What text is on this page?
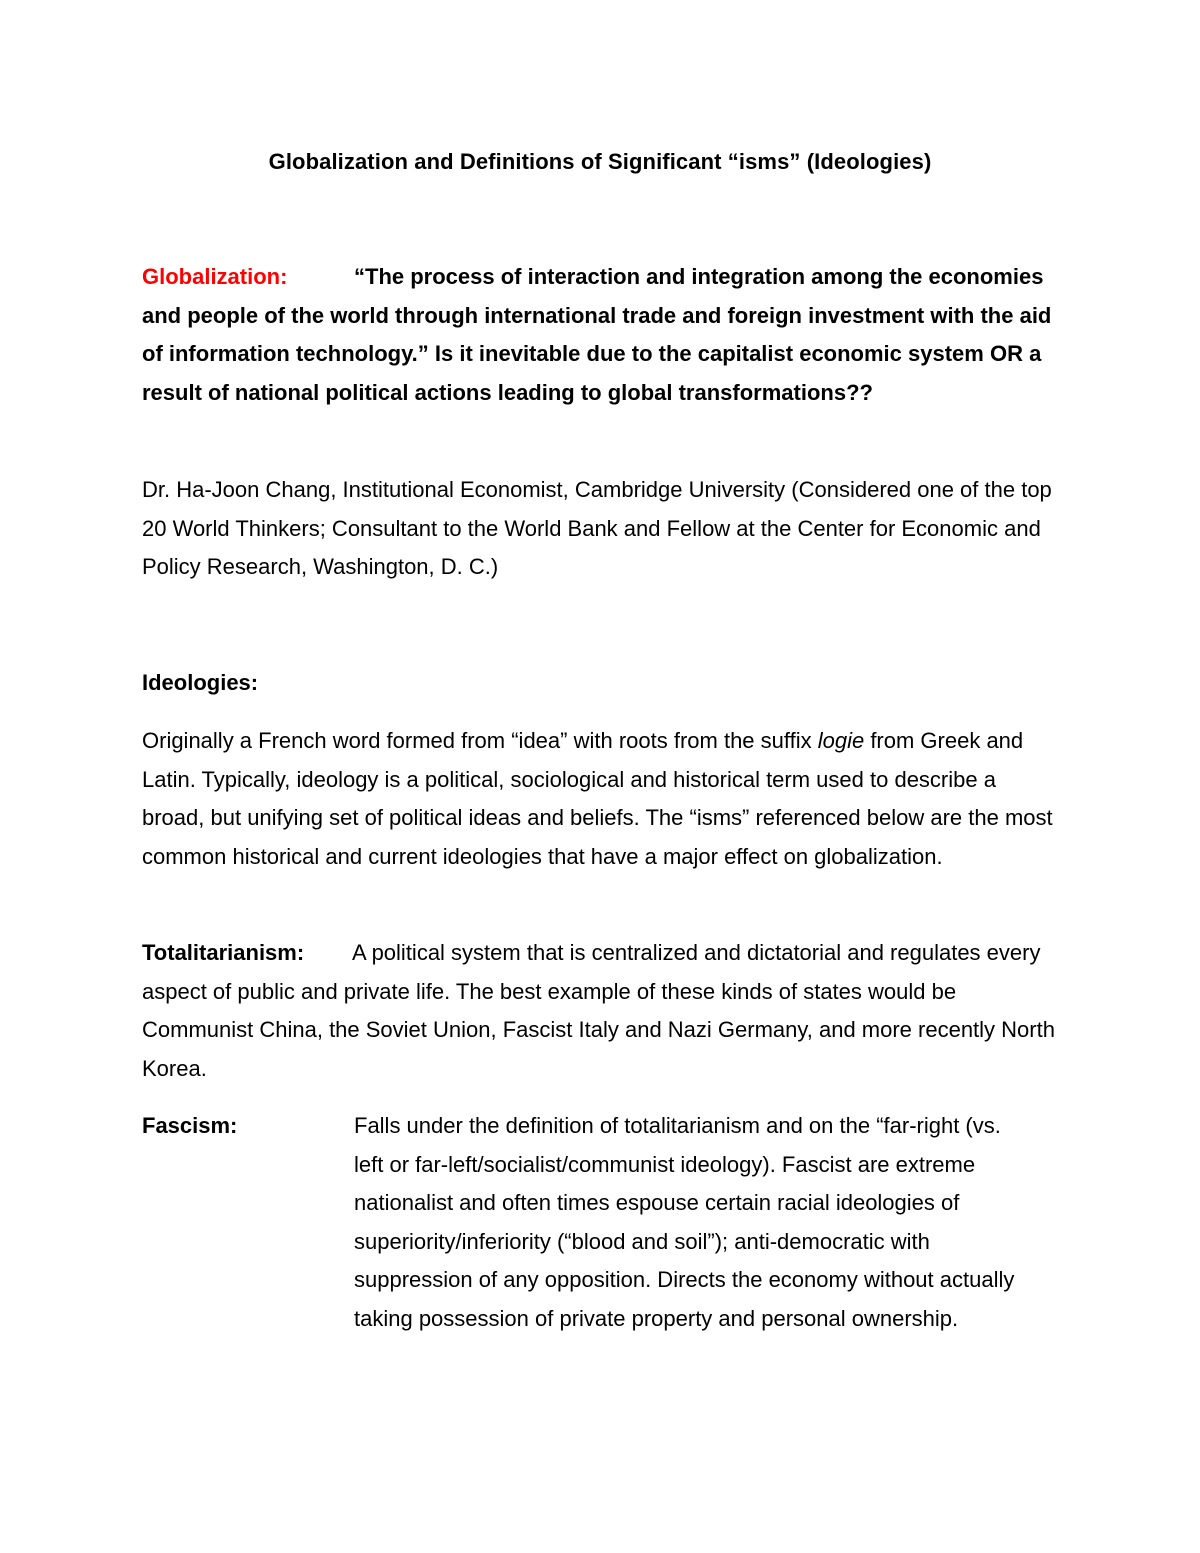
Globalization and Definitions of Significant “isms” (Ideologies)
Globalization:	“The process of interaction and integration among the economies and people of the world through international trade and foreign investment with the aid of information technology.” Is it inevitable due to the capitalist economic system OR a result of national political actions leading to global transformations??
Dr. Ha-Joon Chang, Institutional Economist, Cambridge University (Considered one of the top 20 World Thinkers; Consultant to the World Bank and Fellow at the Center for Economic and Policy Research, Washington, D. C.)
Ideologies:
Originally a French word formed from “idea” with roots from the suffix logie from Greek and Latin. Typically, ideology is a political, sociological and historical term used to describe a broad, but unifying set of political ideas and beliefs. The “isms” referenced below are the most common historical and current ideologies that have a major effect on globalization.
Totalitarianism: A political system that is centralized and dictatorial and regulates every aspect of public and private life. The best example of these kinds of states would be Communist China, the Soviet Union, Fascist Italy and Nazi Germany, and more recently North Korea.
Fascism:	Falls under the definition of totalitarianism and on the “far-right (vs. left or far-left/socialist/communist ideology). Fascist are extreme nationalist and often times espouse certain racial ideologies of superiority/inferiority (“blood and soil”); anti-democratic with suppression of any opposition. Directs the economy without actually taking possession of private property and personal ownership.
